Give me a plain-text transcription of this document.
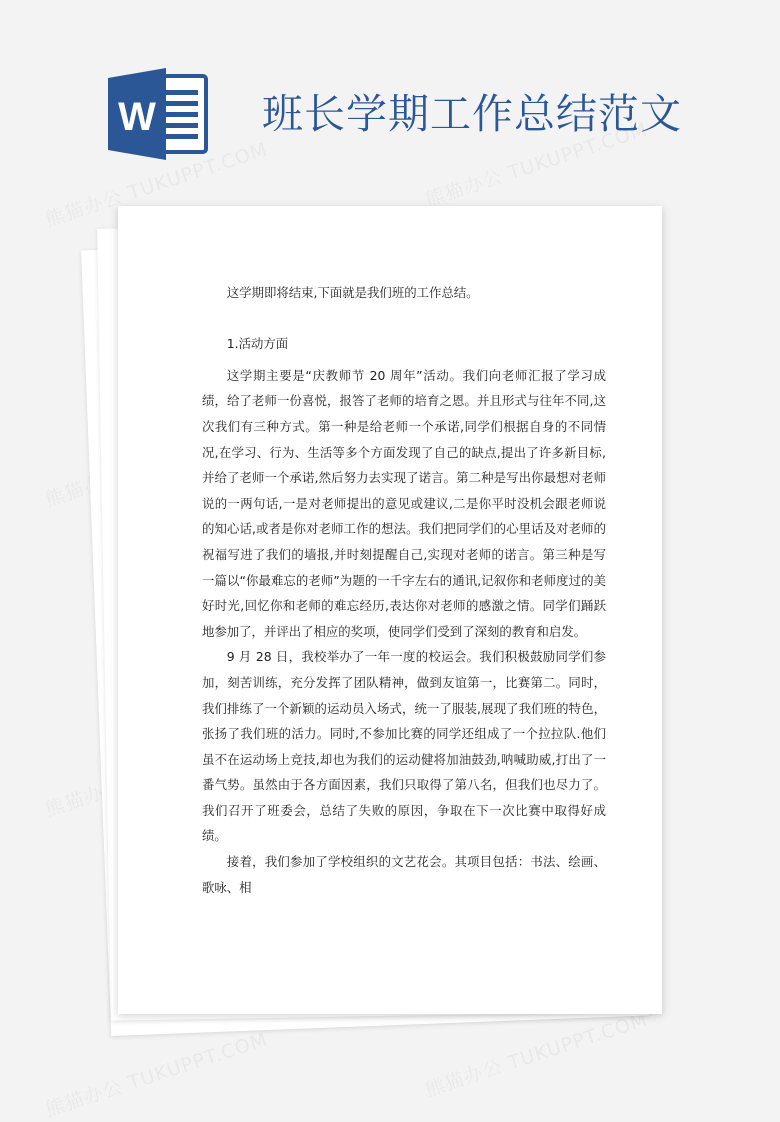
W	班长学期工作总结范文

这学期即将结束,下面就是我们班的工作总结。

1.活动方面

这学期主要是“庆教师节 20 周年”活动。我们向老师汇报了学习成绩，给了老师一份喜悦，报答了老师的培育之恩。并且形式与往年不同,这次我们有三种方式。第一种是给老师一个承诺,同学们根据自身的不同情况,在学习、行为、生活等多个方面发现了自己的缺点,提出了许多新目标,并给了老师一个承诺,然后努力去实现了诺言。第二种是写出你最想对老师说的一两句话,一是对老师提出的意见或建议,二是你平时没机会跟老师说的知心话,或者是你对老师工作的想法。我们把同学们的心里话及对老师的祝福写进了我们的墙报,并时刻提醒自己,实现对老师的诺言。第三种是写一篇以“你最难忘的老师”为题的一千字左右的通讯,记叙你和老师度过的美好时光,回忆你和老师的难忘经历,表达你对老师的感激之情。同学们踊跃地参加了，并评出了相应的奖项，使同学们受到了深刻的教育和启发。

9 月 28 日，我校举办了一年一度的校运会。我们积极鼓励同学们参加，刻苦训练，充分发挥了团队精神，做到友谊第一，比赛第二。同时，我们排练了一个新颖的运动员入场式，统一了服装,展现了我们班的特色，张扬了我们班的活力。同时,不参加比赛的同学还组成了一个拉拉队.他们虽不在运动场上竞技,却也为我们的运动健将加油鼓劲,呐喊助威,打出了一番气势。虽然由于各方面因素，我们只取得了第八名，但我们也尽力了。我们召开了班委会，总结了失败的原因，争取在下一次比赛中取得好成绩。

接着，我们参加了学校组织的文艺花会。其项目包括：书法、绘画、歌咏、相
